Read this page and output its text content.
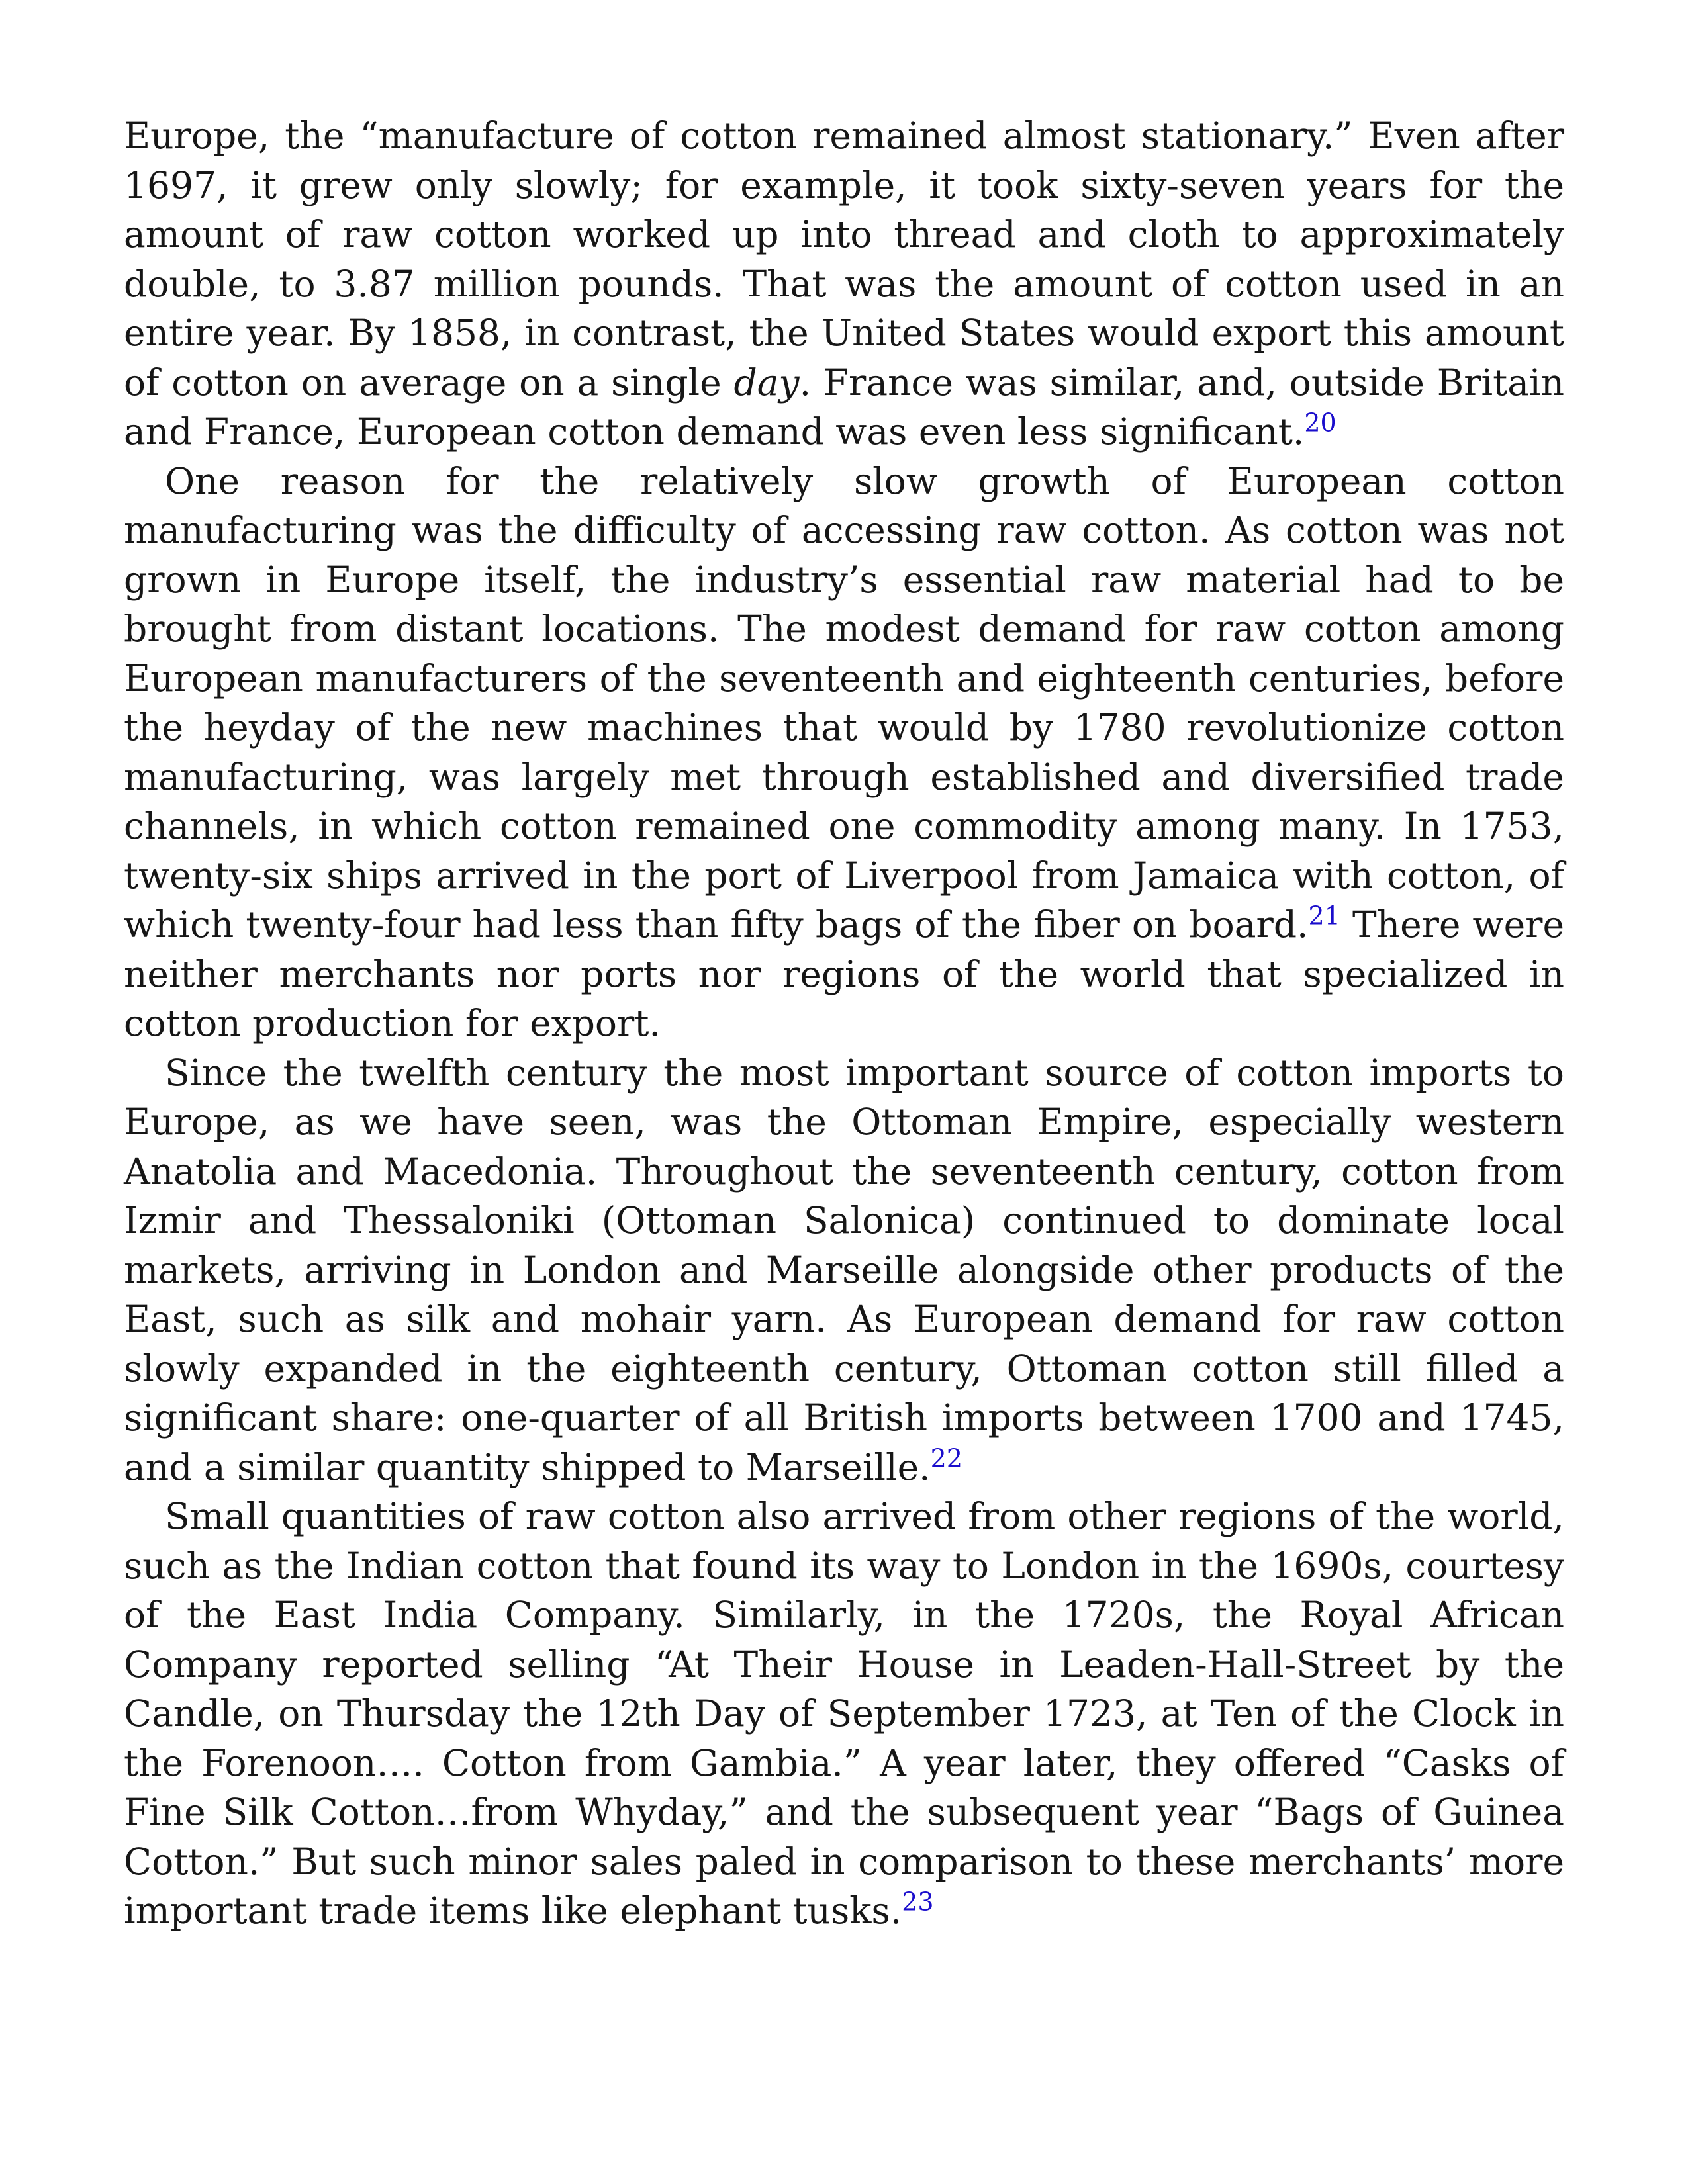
Europe, the “manufacture of cotton remained almost stationary.” Even after 1697, it grew only slowly; for example, it took sixty-seven years for the amount of raw cotton worked up into thread and cloth to approximately double, to 3.87 million pounds. That was the amount of cotton used in an entire year. By 1858, in contrast, the United States would export this amount of cotton on average on a single day. France was similar, and, outside Britain and France, European cotton demand was even less significant.$^{20}$

One reason for the relatively slow growth of European cotton manufacturing was the difficulty of accessing raw cotton. As cotton was not grown in Europe itself, the industry’s essential raw material had to be brought from distant locations. The modest demand for raw cotton among European manufacturers of the seventeenth and eighteenth centuries, before the heyday of the new machines that would by 1780 revolutionize cotton manufacturing, was largely met through established and diversified trade channels, in which cotton remained one commodity among many. In 1753, twenty-six ships arrived in the port of Liverpool from Jamaica with cotton, of which twenty-four had less than fifty bags of the fiber on board.$^{21}$ There were neither merchants nor ports nor regions of the world that specialized in cotton production for export.

Since the twelfth century the most important source of cotton imports to Europe, as we have seen, was the Ottoman Empire, especially western Anatolia and Macedonia. Throughout the seventeenth century, cotton from Izmir and Thessaloniki (Ottoman Salonica) continued to dominate local markets, arriving in London and Marseille alongside other products of the East, such as silk and mohair yarn. As European demand for raw cotton slowly expanded in the eighteenth century, Ottoman cotton still filled a significant share: one-quarter of all British imports between 1700 and 1745, and a similar quantity shipped to Marseille.$^{22}$

Small quantities of raw cotton also arrived from other regions of the world, such as the Indian cotton that found its way to London in the 1690s, courtesy of the East India Company. Similarly, in the 1720s, the Royal African Company reported selling “At Their House in Leaden-Hall-Street by the Candle, on Thursday the 12th Day of September 1723, at Ten of the Clock in the Forenoon…. Cotton from Gambia.” A year later, they offered “Casks of Fine Silk Cotton…from Whyday,” and the subsequent year “Bags of Guinea Cotton.” But such minor sales paled in comparison to these merchants’ more important trade items like elephant tusks.$^{23}$
